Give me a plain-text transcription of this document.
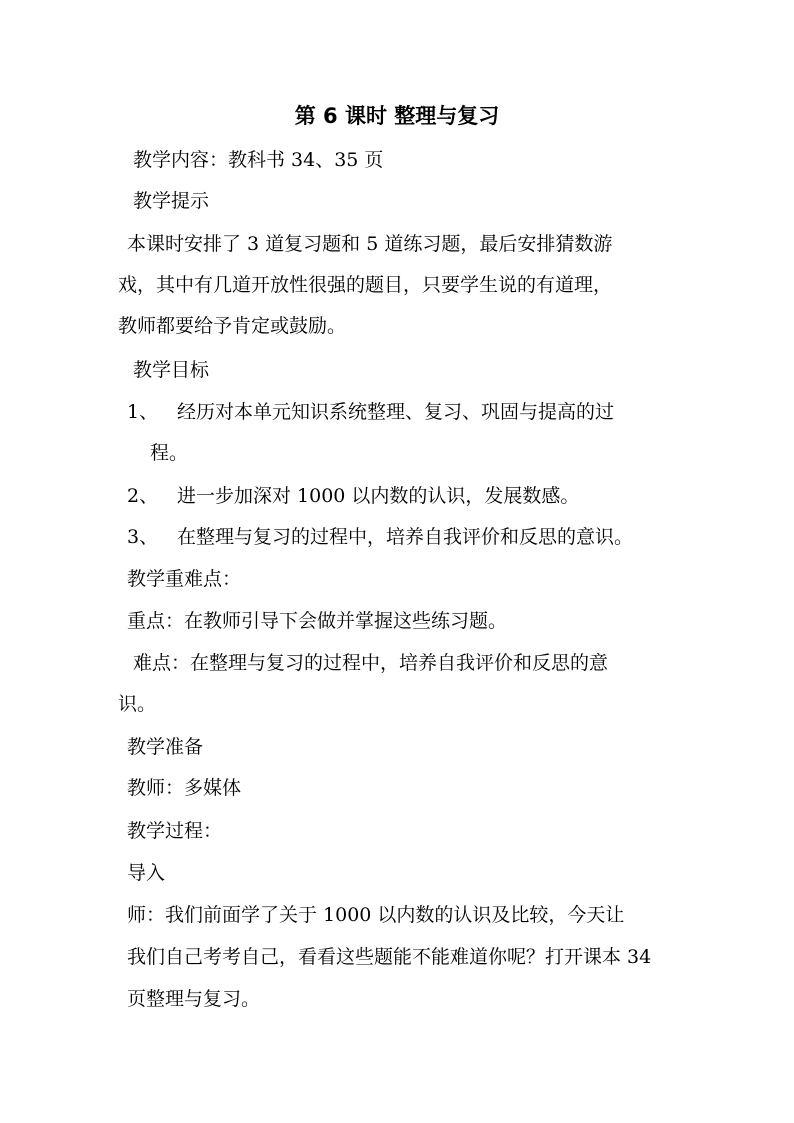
第 6 课时 整理与复习
教学内容：教科书 34、35 页
教学提示
本课时安排了 3 道复习题和 5 道练习题，最后安排猜数游
戏，其中有几道开放性很强的题目，只要学生说的有道理，
教师都要给予肯定或鼓励。
教学目标
1、 经历对本单元知识系统整理、复习、巩固与提高的过
程。
2、 进一步加深对 1000 以内数的认识，发展数感。
3、 在整理与复习的过程中，培养自我评价和反思的意识。
教学重难点：
重点：在教师引导下会做并掌握这些练习题。
难点：在整理与复习的过程中，培养自我评价和反思的意
识。
教学准备
教师：多媒体
教学过程：
导入
师：我们前面学了关于 1000 以内数的认识及比较，今天让
我们自己考考自己，看看这些题能不能难道你呢？打开课本 34
页整理与复习。
